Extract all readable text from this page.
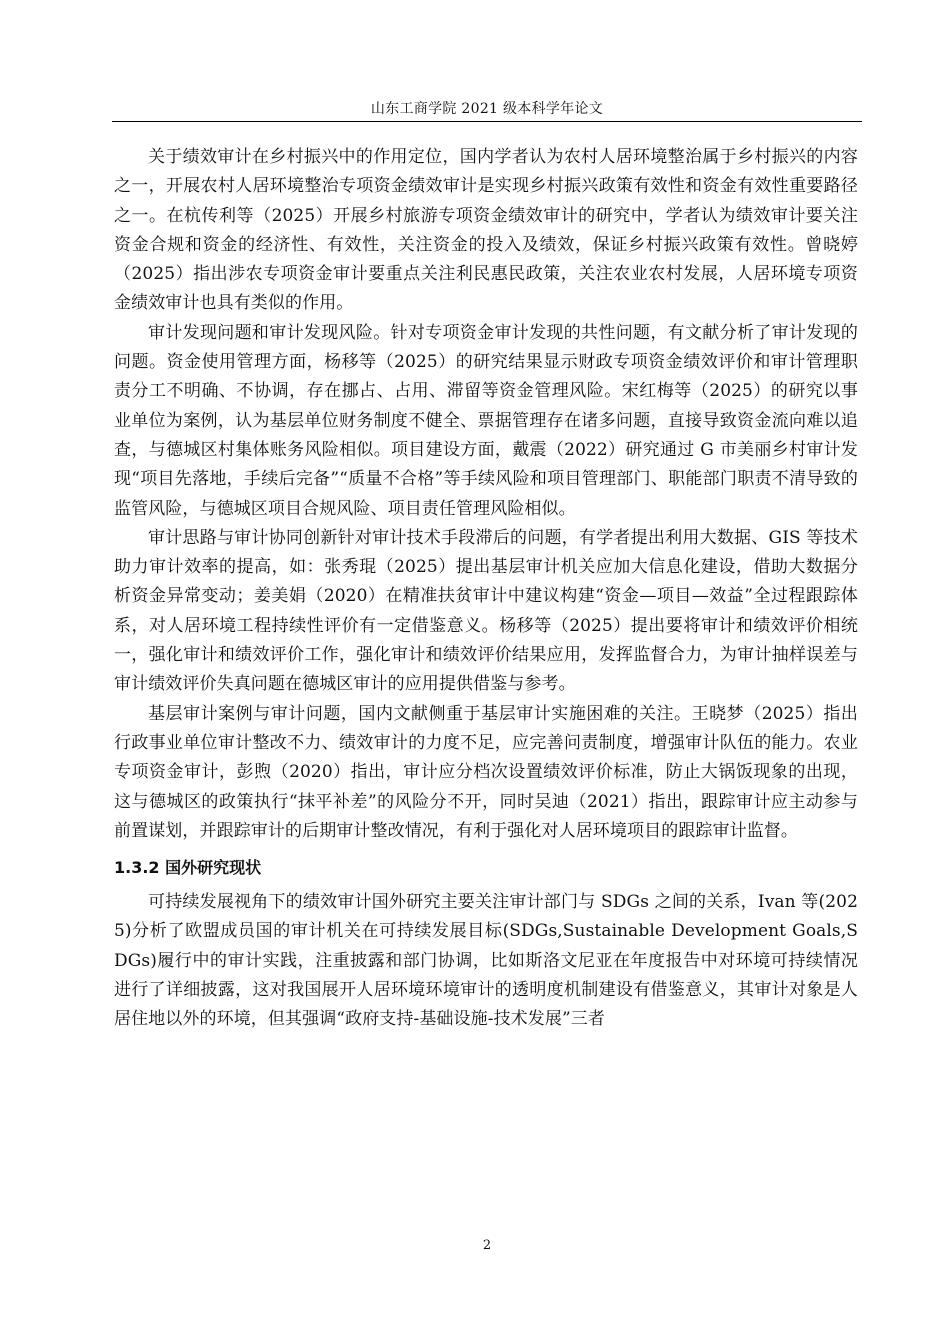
山东工商学院 2021 级本科学年论文

关于绩效审计在乡村振兴中的作用定位，国内学者认为农村人居环境整治属于乡村振兴的内容之一，开展农村人居环境整治专项资金绩效审计是实现乡村振兴政策有效性和资金有效性重要路径之一。在杭传利等（2025）开展乡村旅游专项资金绩效审计的研究中，学者认为绩效审计要关注资金合规和资金的经济性、有效性，关注资金的投入及绩效，保证乡村振兴政策有效性。曾晓婷（2025）指出涉农专项资金审计要重点关注利民惠民政策，关注农业农村发展，人居环境专项资金绩效审计也具有类似的作用。

审计发现问题和审计发现风险。针对专项资金审计发现的共性问题，有文献分析了审计发现的问题。资金使用管理方面，杨移等（2025）的研究结果显示财政专项资金绩效评价和审计管理职责分工不明确、不协调，存在挪占、占用、滞留等资金管理风险。宋红梅等（2025）的研究以事业单位为案例，认为基层单位财务制度不健全、票据管理存在诸多问题，直接导致资金流向难以追查，与德城区村集体账务风险相似。项目建设方面，戴震（2022）研究通过 G 市美丽乡村审计发现“项目先落地，手续后完备”“质量不合格”等手续风险和项目管理部门、职能部门职责不清导致的监管风险，与德城区项目合规风险、项目责任管理风险相似。

审计思路与审计协同创新针对审计技术手段滞后的问题，有学者提出利用大数据、GIS 等技术助力审计效率的提高，如：张秀琨（2025）提出基层审计机关应加大信息化建设，借助大数据分析资金异常变动；姜美娟（2020）在精准扶贫审计中建议构建“资金—项目—效益”全过程跟踪体系，对人居环境工程持续性评价有一定借鉴意义。杨移等（2025）提出要将审计和绩效评价相统一，强化审计和绩效评价工作，强化审计和绩效评价结果应用，发挥监督合力，为审计抽样误差与审计绩效评价失真问题在德城区审计的应用提供借鉴与参考。

基层审计案例与审计问题，国内文献侧重于基层审计实施困难的关注。王晓梦（2025）指出行政事业单位审计整改不力、绩效审计的力度不足，应完善问责制度，增强审计队伍的能力。农业专项资金审计，彭煦（2020）指出，审计应分档次设置绩效评价标准，防止大锅饭现象的出现，这与德城区的政策执行“抹平补差”的风险分不开，同时吴迪（2021）指出，跟踪审计应主动参与前置谋划，并跟踪审计的后期审计整改情况，有利于强化对人居环境项目的跟踪审计监督。

1.3.2 国外研究现状

可持续发展视角下的绩效审计国外研究主要关注审计部门与 SDGs 之间的关系，Ivan 等(2025)分析了欧盟成员国的审计机关在可持续发展目标(SDGs,Sustainable Development Goals,SDGs)履行中的审计实践，注重披露和部门协调，比如斯洛文尼亚在年度报告中对环境可持续情况进行了详细披露，这对我国展开人居环境环境审计的透明度机制建设有借鉴意义，其审计对象是人居住地以外的环境，但其强调“政府支持-基础设施-技术发展”三者

2
